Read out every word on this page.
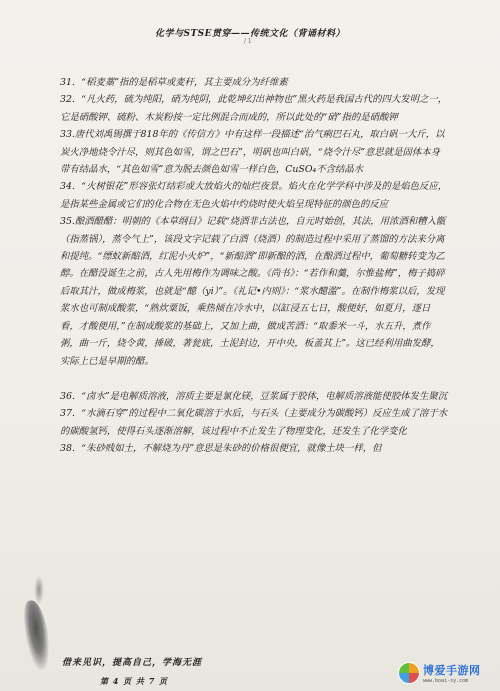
化学与STSE贯穿——传统文化（背诵材料）
/ 1

31．“稻麦藁”指的是稻草或麦秆，其主要成分为纤维素

32．“凡火药，硫为纯阳，硝为纯阴，此乾坤幻出神物也”黑火药是我国古代的四大发明之一，它是硝酸钾、硫粉、木炭粉按一定比例混合而成的，所以此处的“硝”指的是硝酸钾

33.唐代刘禹锡撰于818年的《传信方》中有这样一段描述“治气痢巴石丸，取白矾一大斤，以炭火净地烧令汁尽，则其色如雪，谓之巴石”，明矾也叫白矾，“烧令汁尽”意思就是固体本身带有结晶水，“其色如雪”意为脱去颜色如雪一样白色，CuSO₄不含结晶水

34．“火树银花”形容张灯结彩或大放焰火的灿烂夜景。焰火在化学学科中涉及的是焰色反应，是指某些金属或它们的化合物在无色火焰中灼烧时使火焰呈现特征的颜色的反应

35.酿酒醋醋：明朝的《本草纲目》记载“烧酒非古法也，自元时始创，其法，用浓酒和糟入甑（指蒸锅），蒸令气上”，该段文字记载了白酒（烧酒）的制造过程中采用了蒸馏的方法来分离和提纯。“缥蚁新醅酒，红泥小火炉”，“新醅酒”即新酿的酒，在酿酒过程中，葡萄糖转变为乙醇。在醋没诞生之前，古人先用梅作为调味之酸。《尚书》：“若作和羹，尔惟盐梅”，梅子捣碎后取其汁，做成梅浆，也就是“醷（yi）”。《礼记•内则》：“浆水醷滥”。在制作梅浆以后，发现浆水也可制成酸浆，“熟炊粟饭，乘热倾在冷水中，以缸浸五七日，酸便好，如夏月，逐日看，才酸便用，”在制成酸浆的基础上，又加上曲，做成苦酒：“取黍米一斗，水五升，煮作粥，曲一斤，烧令黄，捶破，著瓮底，土泥封边，开中央，板盖其上”。这已经利用曲发酵，实际上已是早期的醋。

36．“卤水”是电解质溶液，溶质主要是氯化镁，豆浆属于胶体，电解质溶液能使胶体发生聚沉

37．“水滴石穿”的过程中二氧化碳溶于水后，与石头（主要成分为碳酸钙）反应生成了溶于水的碳酸氢钙，使得石头逐渐溶解，该过程中不止发生了物理变化，还发生了化学变化

38．“朱砂贱如土，不解烧为丹”意思是朱砂的价格很便宜，就像土块一样，但

借来见识，提高自己，学海无涯
第 4 页 共 7 页
博爱手游网
www.boai-sy.com
